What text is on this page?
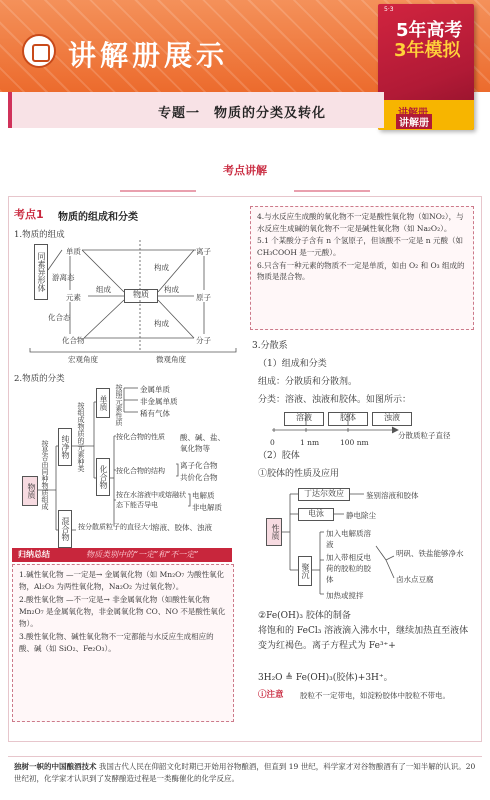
讲解册展示
5·3
5年高考
3年模拟
讲解册
专题一　物质的分类及转化
考点讲解
考点1 物质的组成和分类
1.物质的组成
同素异形体
单质
游离态
元素
组成
物质
构成
化合态
化合物
离子
原子
分子
构成
构成
宏观角度	微观角度
2.物质的分类
物质 按是否由同种物质组成	纯净物
混合物
按组成物质的元素种类	单质 按照元素性质 金属单质
非金属单质
稀有气体
化合物
按化合物的性质 酸、碱、盐、氧化物等
按化合物的结构
离子化合物
共价化合物
按在水溶液中或熔融状态下能否导电
电解质
非电解质
按分散质粒子的直径大小
溶液、胶体、浊液
归纳总结	物质类别中的“一定”和“不一定”

1.碱性氧化物 —一定是→ 金属氧化物（如 Mn₂O₇ 为酸性氧化物，Al₂O₃ 为两性氧化物，Na₂O₂ 为过氧化物）。

2.酸性氧化物 —不一定是→ 非金属氧化物（如酸性氧化物 Mn₂O₇ 是金属氧化物，非金属氧化物 CO、NO 不是酸性氧化物）。

3.酸性氧化物、碱性氧化物不一定都能与水反应生成相应的酸、碱（如 SiO₂、Fe₂O₃）。

4.与水反应生成酸的氧化物不一定是酸性氧化物（如NO₂），与水反应生成碱的氧化物不一定是碱性氧化物（如 Na₂O₂）。

5.1 个某酸分子含有 n 个氢原子，但该酸不一定是 n 元酸（如 CH₃COOH 是一元酸）。

6.只含有一种元素的物质不一定是单质，如由 O₂ 和 O₃ 组成的物质是混合物。

3.分散系
（1）组成和分类
组成：分散质和分散剂。
分类：溶液、浊液和胶体。如图所示：
溶液	胶体	浊液
0	1 nm	100 nm
分散质粒子直径
（2）胶体
①胶体的性质及应用
性质
丁达尔效应	鉴别溶液和胶体
电泳	静电除尘
聚沉
加入电解质溶液
加入带相反电荷的胶粒的胶体
加热或搅拌
明矾、铁盐能够净水
卤水点豆腐
②Fe(OH)₃ 胶体的制备
将饱和的 FeCl₃ 溶液滴入沸水中，继续加热直至液体变为红褐色。离子方程式为 Fe³⁺+
3H₂O ≜ Fe(OH)₃(胶体)+3H⁺。
ⓘ注意 胶粒不一定带电，如淀粉胶体中胶粒不带电。
独树一帜的中国酿酒技术 我国古代人民在仰韶文化时期已开始用谷物酿酒，但直到 19 世纪，科学家才对谷物酿酒有了一知半解的认识。20 世纪初，化学家才认识到了发酵酿造过程是一类酶催化的化学反应。
